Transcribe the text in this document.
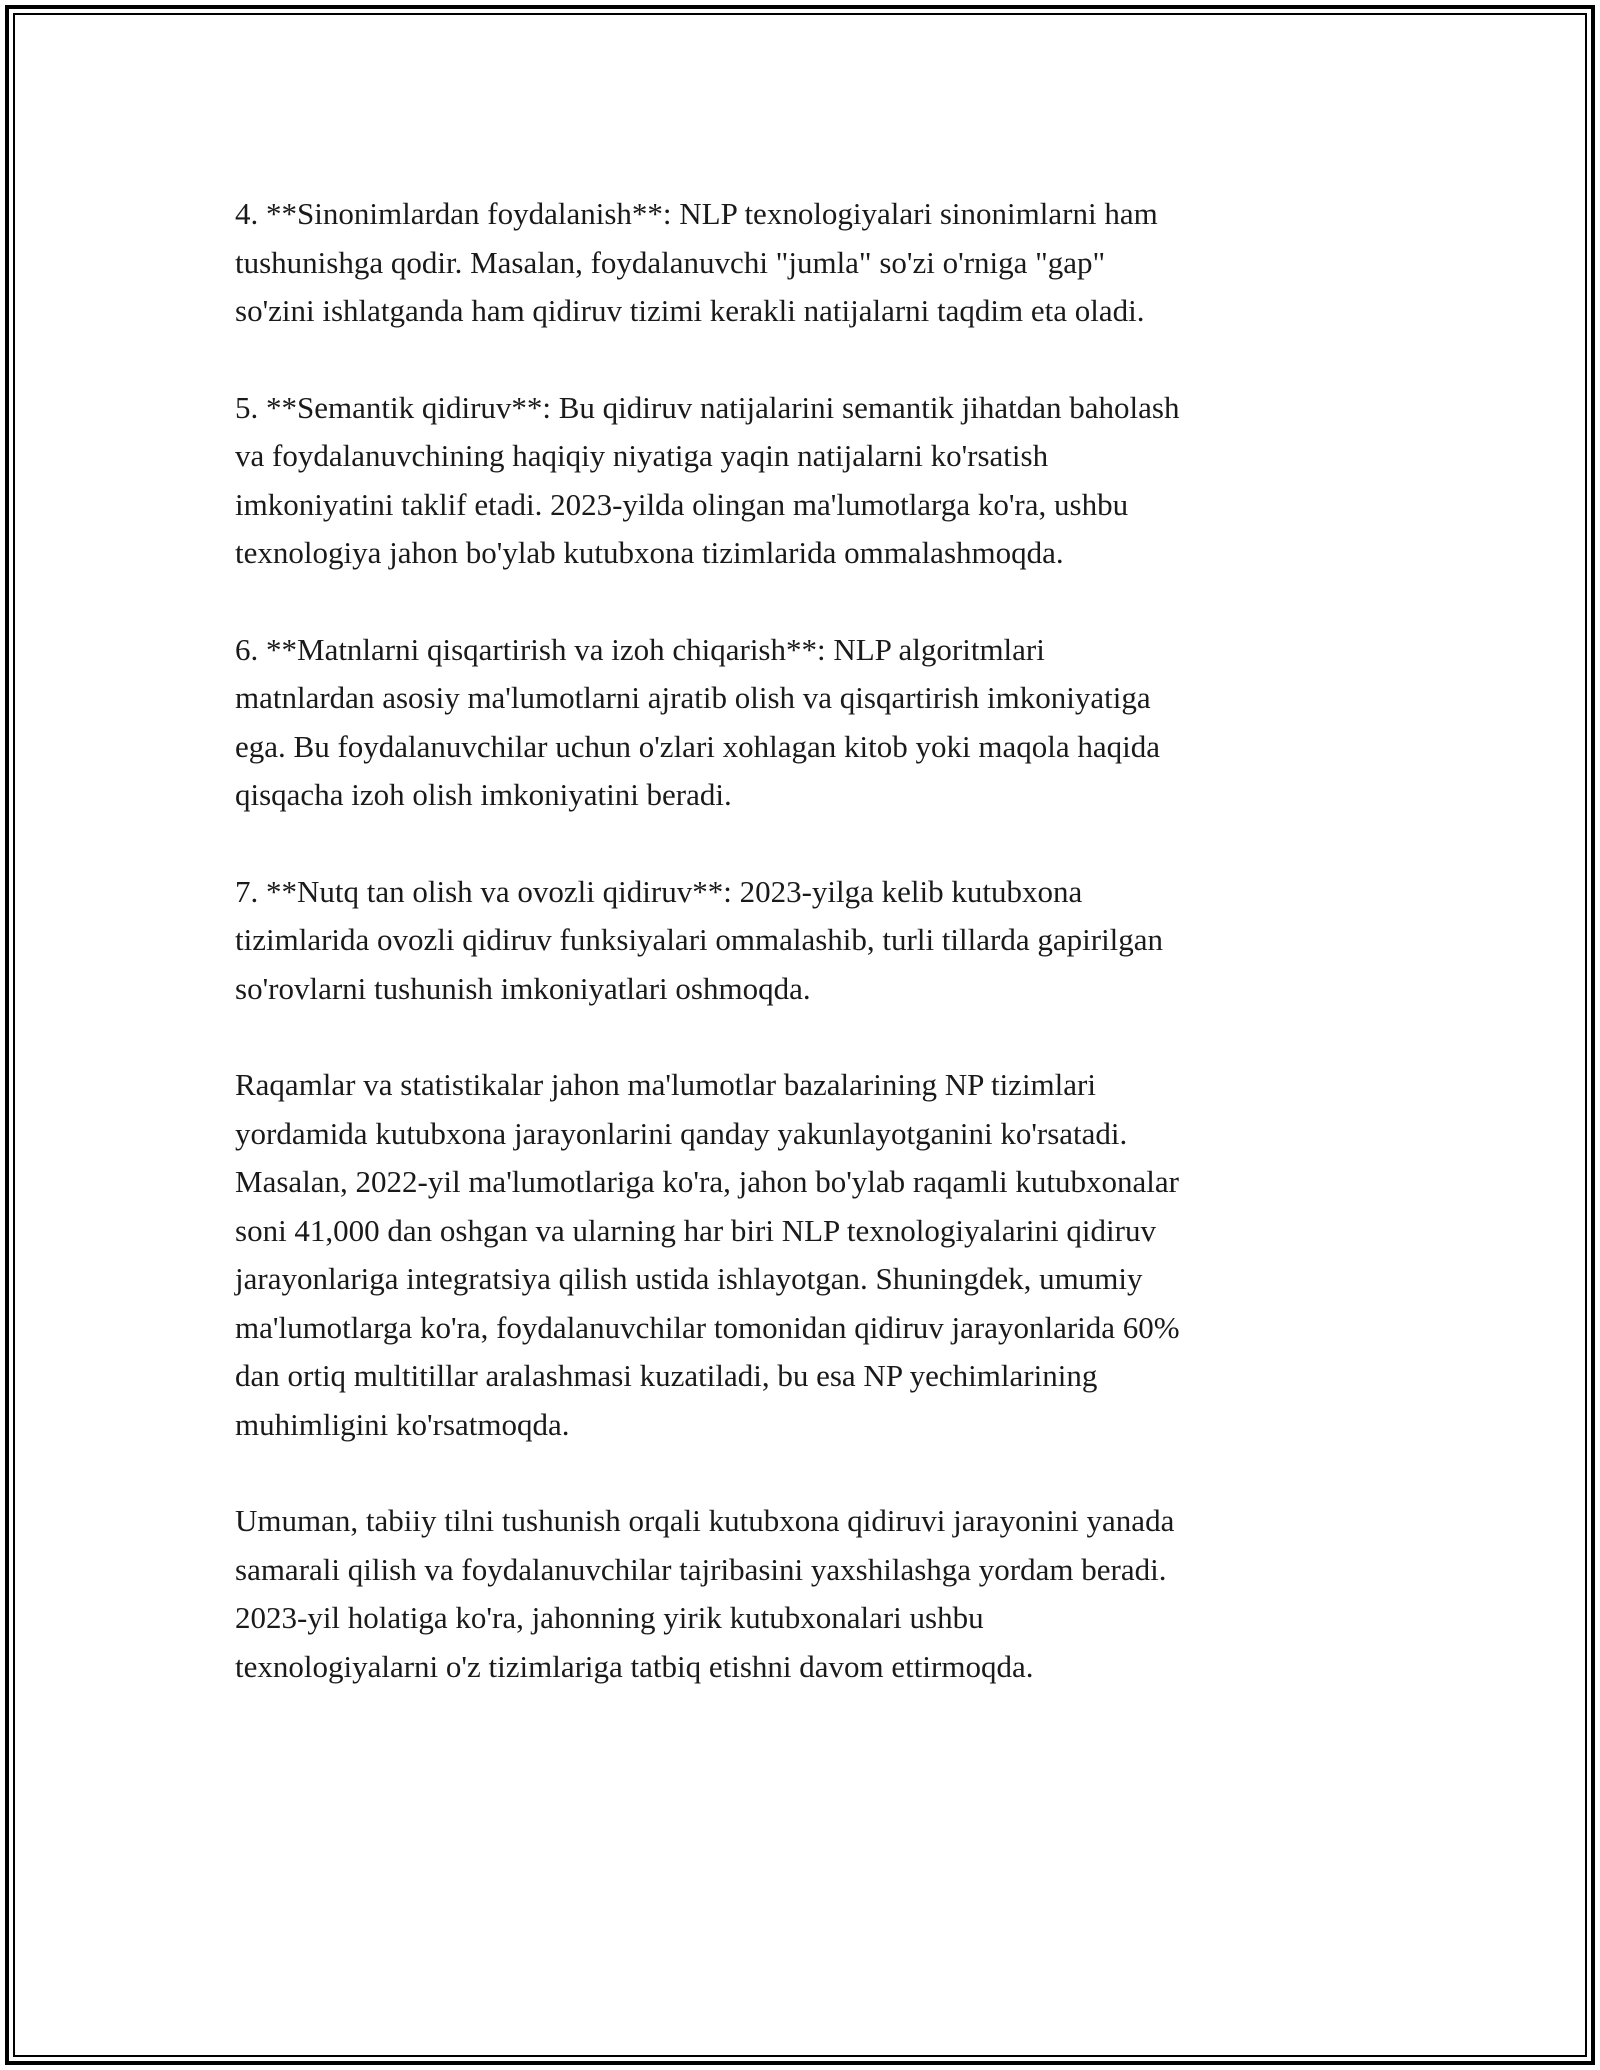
4. **Sinonimlardan foydalanish**: NLP texnologiyalari sinonimlarni ham
tushunishga qodir. Masalan, foydalanuvchi "jumla" so'zi o'rniga "gap"
so'zini ishlatganda ham qidiruv tizimi kerakli natijalarni taqdim eta oladi.

5. **Semantik qidiruv**: Bu qidiruv natijalarini semantik jihatdan baholash
va foydalanuvchining haqiqiy niyatiga yaqin natijalarni ko'rsatish
imkoniyatini taklif etadi. 2023-yilda olingan ma'lumotlarga ko'ra, ushbu
texnologiya jahon bo'ylab kutubxona tizimlarida ommalashmoqda.

6. **Matnlarni qisqartirish va izoh chiqarish**: NLP algoritmlari
matnlardan asosiy ma'lumotlarni ajratib olish va qisqartirish imkoniyatiga
ega. Bu foydalanuvchilar uchun o'zlari xohlagan kitob yoki maqola haqida
qisqacha izoh olish imkoniyatini beradi.

7. **Nutq tan olish va ovozli qidiruv**: 2023-yilga kelib kutubxona
tizimlarida ovozli qidiruv funksiyalari ommalashib, turli tillarda gapirilgan
so'rovlarni tushunish imkoniyatlari oshmoqda.

Raqamlar va statistikalar jahon ma'lumotlar bazalarining NP tizimlari
yordamida kutubxona jarayonlarini qanday yakunlayotganini ko'rsatadi.
Masalan, 2022-yil ma'lumotlariga ko'ra, jahon bo'ylab raqamli kutubxonalar
soni 41,000 dan oshgan va ularning har biri NLP texnologiyalarini qidiruv
jarayonlariga integratsiya qilish ustida ishlayotgan. Shuningdek, umumiy
ma'lumotlarga ko'ra, foydalanuvchilar tomonidan qidiruv jarayonlarida 60%
dan ortiq multitillar aralashmasi kuzatiladi, bu esa NP yechimlarining
muhimligini ko'rsatmoqda.

Umuman, tabiiy tilni tushunish orqali kutubxona qidiruvi jarayonini yanada
samarali qilish va foydalanuvchilar tajribasini yaxshilashga yordam beradi.
2023-yil holatiga ko'ra, jahonning yirik kutubxonalari ushbu
texnologiyalarni o'z tizimlariga tatbiq etishni davom ettirmoqda.
